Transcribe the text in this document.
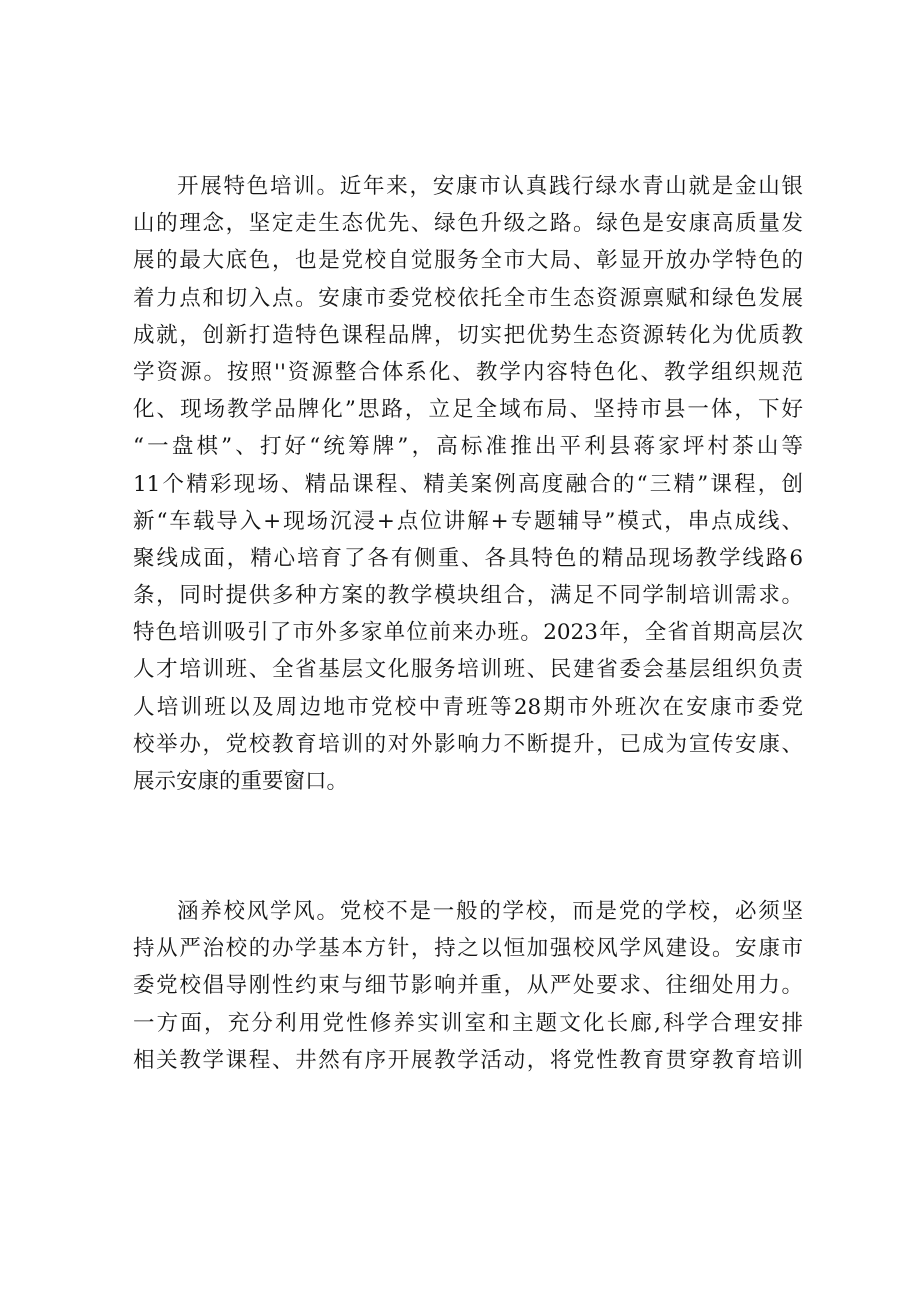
开展特色培训。近年来，安康市认真践行绿水青山就是金山银
山的理念，坚定走生态优先、绿色升级之路。绿色是安康高质量发
展的最大底色，也是党校自觉服务全市大局、彰显开放办学特色的
着力点和切入点。安康市委党校依托全市生态资源禀赋和绿色发展
成就，创新打造特色课程品牌，切实把优势生态资源转化为优质教
学资源。按照''资源整合体系化、教学内容特色化、教学组织规范
化、现场教学品牌化”思路，立足全域布局、坚持市县一体，下好
“一盘棋”、打好“统筹牌”，高标准推出平利县蒋家坪村茶山等
11个精彩现场、精品课程、精美案例高度融合的“三精”课程，创
新“车载导入+现场沉浸+点位讲解+专题辅导”模式，串点成线、
聚线成面，精心培育了各有侧重、各具特色的精品现场教学线路6
条，同时提供多种方案的教学模块组合，满足不同学制培训需求。
特色培训吸引了市外多家单位前来办班。2023年，全省首期高层次
人才培训班、全省基层文化服务培训班、民建省委会基层组织负责
人培训班以及周边地市党校中青班等28期市外班次在安康市委党
校举办，党校教育培训的对外影响力不断提升，已成为宣传安康、
展示安康的重要窗口。
涵养校风学风。党校不是一般的学校，而是党的学校，必须坚
持从严治校的办学基本方针，持之以恒加强校风学风建设。安康市
委党校倡导刚性约束与细节影响并重，从严处要求、往细处用力。
一方面，充分利用党性修养实训室和主题文化长廊,科学合理安排
相关教学课程、井然有序开展教学活动，将党性教育贯穿教育培训
